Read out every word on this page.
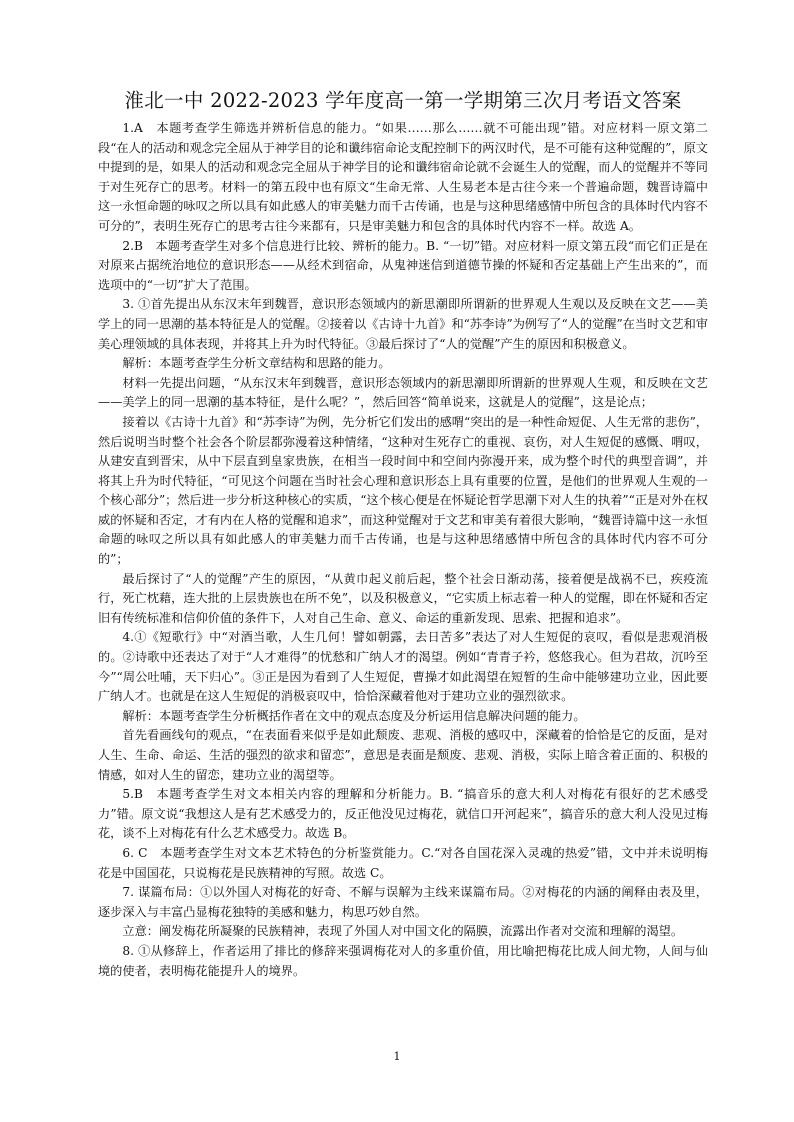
淮北一中 2022-2023 学年度高一第一学期第三次月考语文答案

1.A　本题考查学生筛选并辨析信息的能力。“如果……那么……就不可能出现”错。对应材料一原文第二段“在人的活动和观念完全屈从于神学目的论和谶纬宿命论支配控制下的两汉时代，是不可能有这种觉醒的”，原文中提到的是，如果人的活动和观念完全屈从于神学目的论和谶纬宿命论就不会诞生人的觉醒，而人的觉醒并不等同于对生死存亡的思考。材料一的第五段中也有原文“生命无常、人生易老本是古往今来一个普遍命题，魏晋诗篇中这一永恒命题的咏叹之所以具有如此感人的审美魅力而千古传诵，也是与这种思绪感情中所包含的具体时代内容不可分的”，表明生死存亡的思考古往今来都有，只是审美魅力和包含的具体时代内容不一样。故选 A。

2.B　本题考查学生对多个信息进行比较、辨析的能力。B. “一切”错。对应材料一原文第五段“而它们正是在对原来占据统治地位的意识形态——从经术到宿命，从鬼神迷信到道德节操的怀疑和否定基础上产生出来的”，而选项中的“一切”扩大了范围。

3. ①首先提出从东汉末年到魏晋，意识形态领域内的新思潮即所谓新的世界观人生观以及反映在文艺——美学上的同一思潮的基本特征是人的觉醒。②接着以《古诗十九首》和“苏李诗”为例写了“人的觉醒”在当时文艺和审美心理领域的具体表现，并将其上升为时代特征。③最后探讨了“人的觉醒”产生的原因和积极意义。

解析：本题考查学生分析文章结构和思路的能力。

材料一先提出问题，“从东汉末年到魏晋，意识形态领域内的新思潮即所谓新的世界观人生观，和反映在文艺——美学上的同一思潮的基本特征，是什么呢？”，然后回答“简单说来，这就是人的觉醒”，这是论点；

接着以《古诗十九首》和“苏李诗”为例，先分析它们发出的感喟“突出的是一种性命短促、人生无常的悲伤”，然后说明当时整个社会各个阶层都弥漫着这种情绪，“这种对生死存亡的重视、哀伤，对人生短促的感慨、喟叹，从建安直到晋宋，从中下层直到皇家贵族，在相当一段时间中和空间内弥漫开来，成为整个时代的典型音调”，并将其上升为时代特征，“可见这个问题在当时社会心理和意识形态上具有重要的位置，是他们的世界观人生观的一个核心部分”；然后进一步分析这种核心的实质，“这个核心便是在怀疑论哲学思潮下对人生的执着”“正是对外在权威的怀疑和否定，才有内在人格的觉醒和追求”，而这种觉醒对于文艺和审美有着很大影响，“魏晋诗篇中这一永恒命题的咏叹之所以具有如此感人的审美魅力而千古传诵，也是与这种思绪感情中所包含的具体时代内容不可分的”；

最后探讨了“人的觉醒”产生的原因，“从黄巾起义前后起，整个社会日渐动荡，接着便是战祸不已，疾疫流行，死亡枕藉，连大批的上层贵族也在所不免”，以及积极意义，“它实质上标志着一种人的觉醒，即在怀疑和否定旧有传统标准和信仰价值的条件下，人对自己生命、意义、命运的重新发现、思索、把握和追求”。

4.①《短歌行》中“对酒当歌，人生几何！譬如朝露，去日苦多”表达了对人生短促的哀叹，看似是悲观消极的。②诗歌中还表达了对于“人才难得”的忧愁和广纳人才的渴望。例如“青青子衿，悠悠我心。但为君故，沉吟至今”“周公吐哺，天下归心”。③正是因为看到了人生短促，曹操才如此渴望在短暂的生命中能够建功立业，因此要广纳人才。也就是在这人生短促的消极哀叹中，恰恰深藏着他对于建功立业的强烈欲求。

解析：本题考查学生分析概括作者在文中的观点态度及分析运用信息解决问题的能力。

首先看画线句的观点，“在表面看来似乎是如此颓废、悲观、消极的感叹中，深藏着的恰恰是它的反面，是对人生、生命、命运、生活的强烈的欲求和留恋”，意思是表面是颓废、悲观、消极，实际上暗含着正面的、积极的情感，如对人生的留恋，建功立业的渴望等。

5.B　本题考查学生对文本相关内容的理解和分析能力。B. “搞音乐的意大利人对梅花有很好的艺术感受力”错。原文说“我想这人是有艺术感受力的，反正他没见过梅花，就信口开河起来”，搞音乐的意大利人没见过梅花，谈不上对梅花有什么艺术感受力。故选 B。

6. C　本题考查学生对文本艺术特色的分析鉴赏能力。C.“对各自国花深入灵魂的热爱”错，文中并未说明梅花是中国国花，只说梅花是民族精神的写照。故选 C。

7. 谋篇布局：①以外国人对梅花的好奇、不解与误解为主线来谋篇布局。②对梅花的内涵的阐释由表及里，逐步深入与丰富凸显梅花独特的美感和魅力，构思巧妙自然。

立意：阐发梅花所凝聚的民族精神，表现了外国人对中国文化的隔膜，流露出作者对交流和理解的渴望。

8. ①从修辞上，作者运用了排比的修辞来强调梅花对人的多重价值，用比喻把梅花比成人间尤物，人间与仙境的使者，表明梅花能提升人的境界。

1
